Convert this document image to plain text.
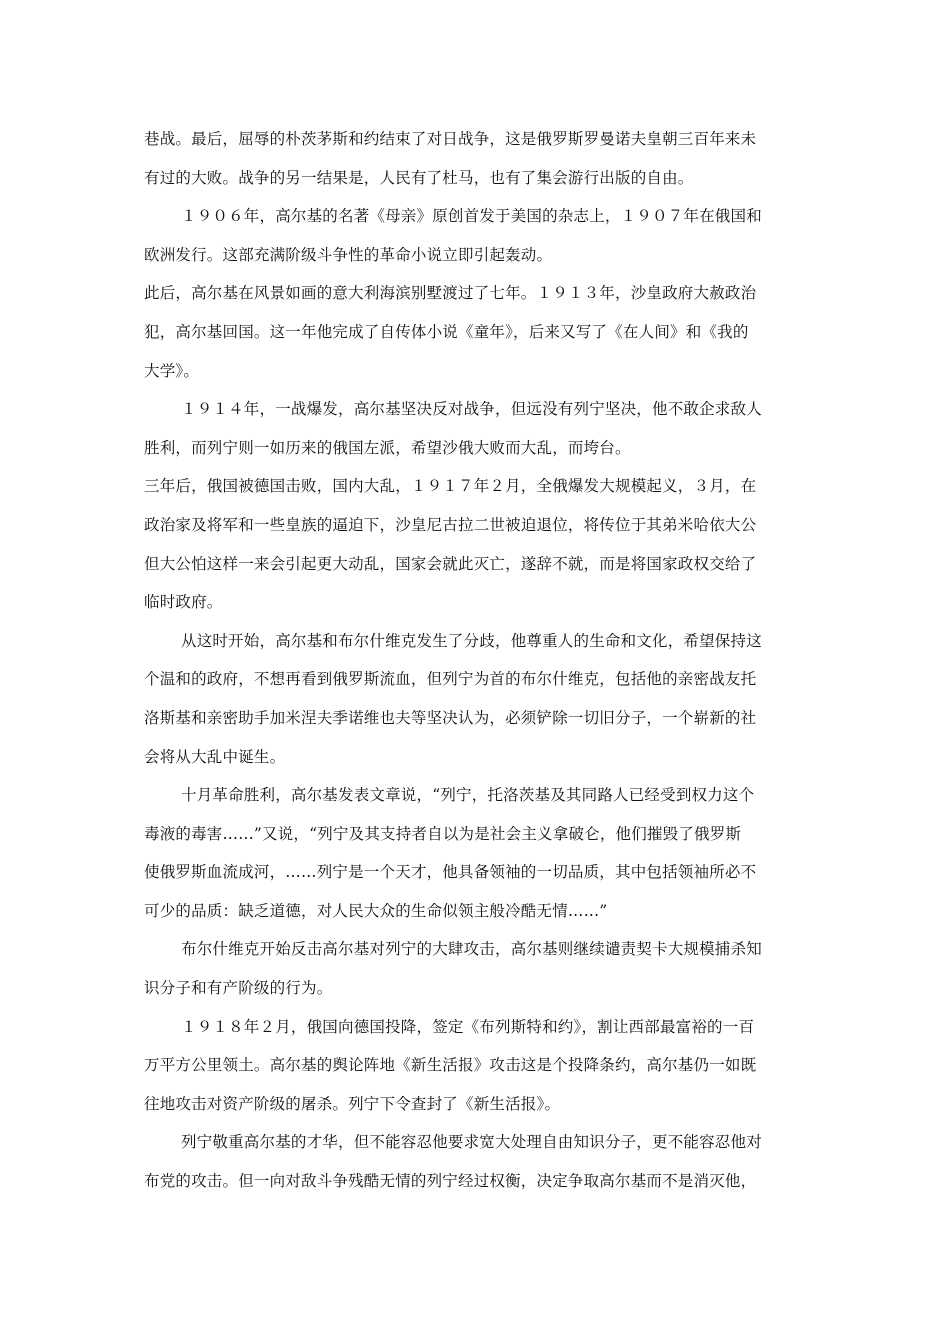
巷战。最后，屈辱的朴茨茅斯和约结束了对日战争，这是俄罗斯罗曼诺夫皇朝三百年来未
有过的大败。战争的另一结果是，人民有了杜马，也有了集会游行出版的自由。
１９０６年，高尔基的名著《母亲》原创首发于美国的杂志上，１９０７年在俄国和
欧洲发行。这部充满阶级斗争性的革命小说立即引起轰动。
此后，高尔基在风景如画的意大利海滨别墅渡过了七年。１９１３年，沙皇政府大赦政治
犯，高尔基回国。这一年他完成了自传体小说《童年》，后来又写了《在人间》和《我的
大学》。
１９１４年，一战爆发，高尔基坚决反对战争，但远没有列宁坚决，他不敢企求敌人
胜利，而列宁则一如历来的俄国左派，希望沙俄大败而大乱，而垮台。
三年后，俄国被德国击败，国内大乱，１９１７年２月，全俄爆发大规模起义，３月，在
政治家及将军和一些皇族的逼迫下，沙皇尼古拉二世被迫退位，将传位于其弟米哈依大公
但大公怕这样一来会引起更大动乱，国家会就此灭亡，遂辞不就，而是将国家政权交给了
临时政府。
从这时开始，高尔基和布尔什维克发生了分歧，他尊重人的生命和文化，希望保持这
个温和的政府，不想再看到俄罗斯流血，但列宁为首的布尔什维克，包括他的亲密战友托
洛斯基和亲密助手加米涅夫季诺维也夫等坚决认为，必须铲除一切旧分子，一个崭新的社
会将从大乱中诞生。
十月革命胜利，高尔基发表文章说，“列宁，托洛茨基及其同路人已经受到权力这个
毒液的毒害……”又说，“列宁及其支持者自以为是社会主义拿破仑，他们摧毁了俄罗斯
使俄罗斯血流成河，……列宁是一个天才，他具备领袖的一切品质，其中包括领袖所必不
可少的品质：缺乏道德，对人民大众的生命似领主般冷酷无情……”
布尔什维克开始反击高尔基对列宁的大肆攻击，高尔基则继续谴责契卡大规模捕杀知
识分子和有产阶级的行为。
１９１８年２月，俄国向德国投降，签定《布列斯特和约》，割让西部最富裕的一百
万平方公里领土。高尔基的舆论阵地《新生活报》攻击这是个投降条约，高尔基仍一如既
往地攻击对资产阶级的屠杀。列宁下令查封了《新生活报》。
列宁敬重高尔基的才华，但不能容忍他要求宽大处理自由知识分子，更不能容忍他对
布党的攻击。但一向对敌斗争残酷无情的列宁经过权衡，决定争取高尔基而不是消灭他，
